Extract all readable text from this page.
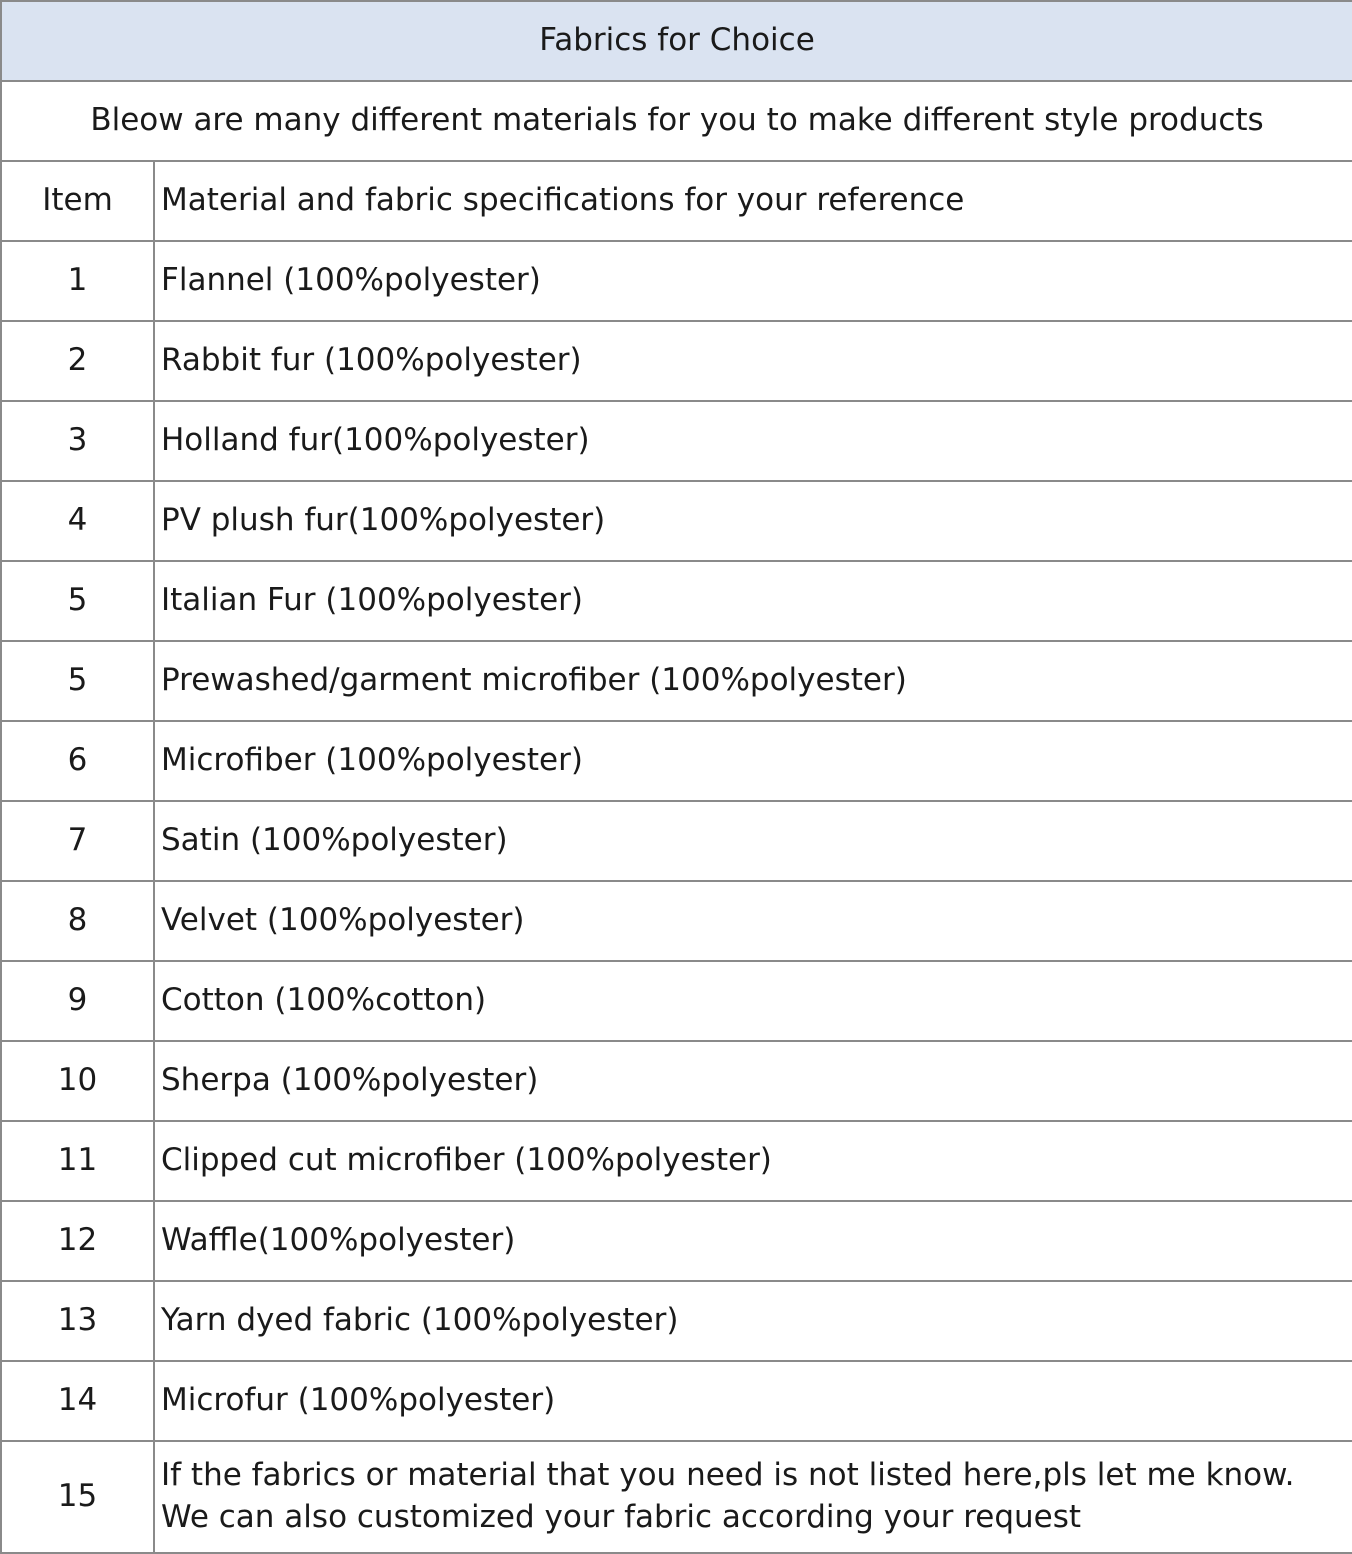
Fabrics for Choice	
Bleow are many different materials for you to make different style products	
Item	Material and fabric specifications for your reference
1	Flannel (100%polyester)
2	Rabbit fur (100%polyester)
3	Holland fur(100%polyester)
4	PV plush fur(100%polyester)
5	Italian Fur (100%polyester)
5	Prewashed/garment microfiber (100%polyester)
6	Microfiber (100%polyester)
7	Satin (100%polyester)
8	Velvet (100%polyester)
9	Cotton (100%cotton)
10	Sherpa (100%polyester)
11	Clipped cut microfiber (100%polyester)
12	Waffle(100%polyester)
13	Yarn dyed fabric (100%polyester)
14	Microfur (100%polyester)
15	If the fabrics or material that you need is not listed here,pls let me know.
We can also customized your fabric according your request
